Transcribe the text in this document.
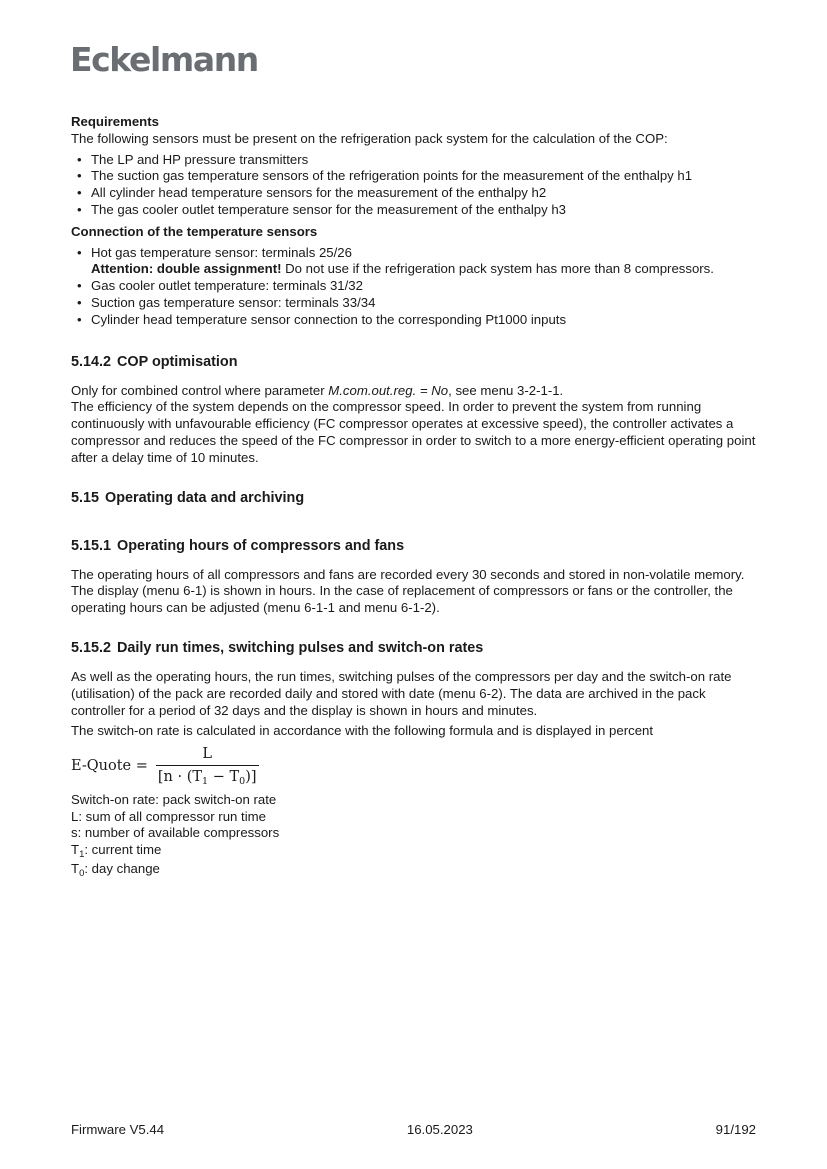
Eckelmann

Requirements

The following sensors must be present on the refrigeration pack system for the calculation of the COP:

• The LP and HP pressure transmitters
• The suction gas temperature sensors of the refrigeration points for the measurement of the enthalpy h1
• All cylinder head temperature sensors for the measurement of the enthalpy h2
• The gas cooler outlet temperature sensor for the measurement of the enthalpy h3

Connection of the temperature sensors

• Hot gas temperature sensor: terminals 25/26
Attention: double assignment! Do not use if the refrigeration pack system has more than 8 compressors.
• Gas cooler outlet temperature: terminals 31/32
• Suction gas temperature sensor: terminals 33/34
• Cylinder head temperature sensor connection to the corresponding Pt1000 inputs
5.14.2 COP optimisation

Only for combined control where parameter M.com.out.reg. = No, see menu 3-2-1-1.

The efficiency of the system depends on the compressor speed. In order to prevent the system from running continuously with unfavourable efficiency (FC compressor operates at excessive speed), the controller activates a compressor and reduces the speed of the FC compressor in order to switch to a more energy-efficient operating point after a delay time of 10 minutes.

5.15 Operating data and archiving
5.15.1 Operating hours of compressors and fans

The operating hours of all compressors and fans are recorded every 30 seconds and stored in non-volatile memory. The display (menu 6-1) is shown in hours. In the case of replacement of compressors or fans or the controller, the operating hours can be adjusted (menu 6-1-1 and menu 6-1-2).

5.15.2 Daily run times, switching pulses and switch-on rates

As well as the operating hours, the run times, switching pulses of the compressors per day and the switch-on rate (utilisation) of the pack are recorded daily and stored with date (menu 6-2). The data are archived in the pack controller for a period of 32 days and the display is shown in hours and minutes.

The switch-on rate is calculated in accordance with the following formula and is displayed in percent

E-Quote = $\frac{L}{[n \cdot (T_1 - T_0)]}$

Switch-on rate: pack switch-on rate

L: sum of all compressor run time

s: number of available compressors

$T_1$: current time

$T_0$: day change

Firmware V5.44	16.05.2023	91/192
